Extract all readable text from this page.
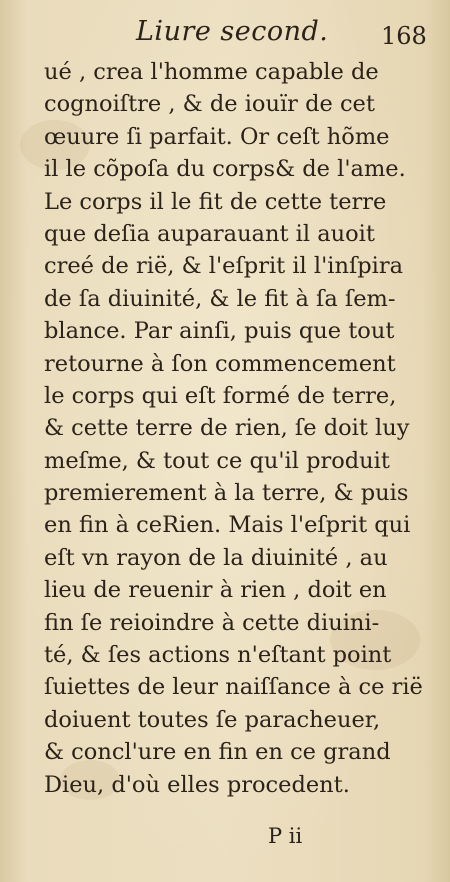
Liure second. 168
ué , crea l'homme capable de
cognoiſtre , & de iouïr de cet
œuure ſi parfait. Or ceſt hõme
il le cõpoſa du corps& de l'ame.
Le corps il le fit de cette terre
que deſia auparauant il auoit
creé de rië, & l'eſprit il l'inſpira
de ſa diuinité, & le fit à ſa ſem-
blance. Par ainſi, puis que tout
retourne à ſon commencement
le corps qui eſt formé de terre,
& cette terre de rien, ſe doit luy
meſme, & tout ce qu'il produit
premierement à la terre, & puis
en fin à ceRien. Mais l'eſprit qui
eſt vn rayon de la diuinité , au
lieu de reuenir à rien , doit en
fin ſe reioindre à cette diuini-
té, & ſes actions n'eſtant point
ſuiettes de leur naiſſance à ce rië
doiuent toutes ſe paracheuer,
& concl'ure en fin en ce grand
Dieu, d'où elles procedent.
P ii
